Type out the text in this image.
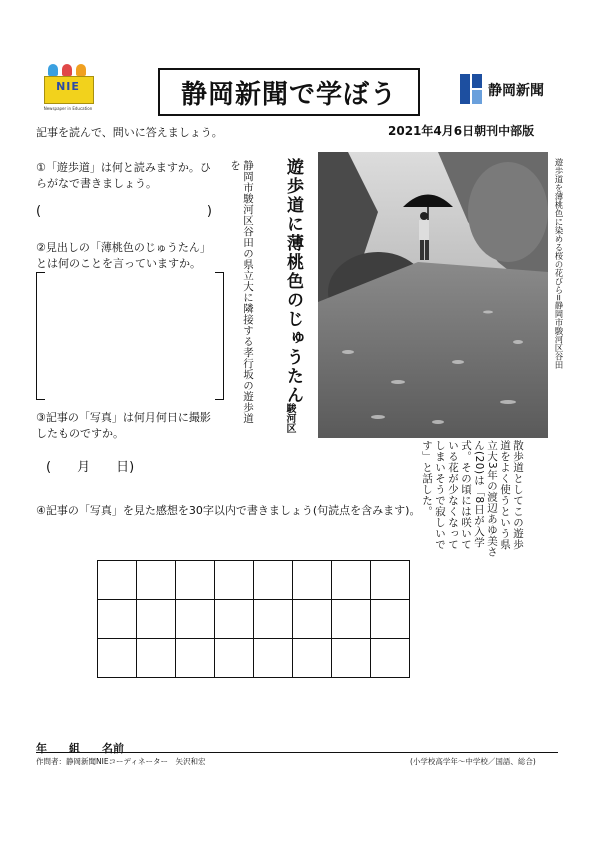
NIE
Newspaper in Education	静岡新聞で学ぼう	静岡新聞
記事を読んで、問いに答えましょう。	2021年4月6日朝刊中部版
①「遊歩道」は何と読みますか。ひらがなで書きましょう。
(	)
②見出しの「薄桃色のじゅうたん」とは何のことを言っていますか。
③記事の「写真」は何月何日に撮影したものですか。
(　　月　　日)
遊歩道に薄桃色のじゅうたん
駿河区
静岡市駿河区谷田の県立大に隣接する孝行坂の遊歩道を	遊歩道を薄桃色に染める桜の花びら=静岡市駿河区谷田
散歩道としてこの遊歩道をよく使うという県立大3年の渡辺あゆ美さん(20)は「8日が入学式。その頃には咲いている花が少なくなってしまいそうで寂しいです」と話した。
④記事の「写真」を見た感想を30字以内で書きましょう(句読点を含みます)。

年　　組　　名前
作問者：静岡新聞NIEコーディネーター　矢沢和宏	(小学校高学年～中学校／国語、総合)
